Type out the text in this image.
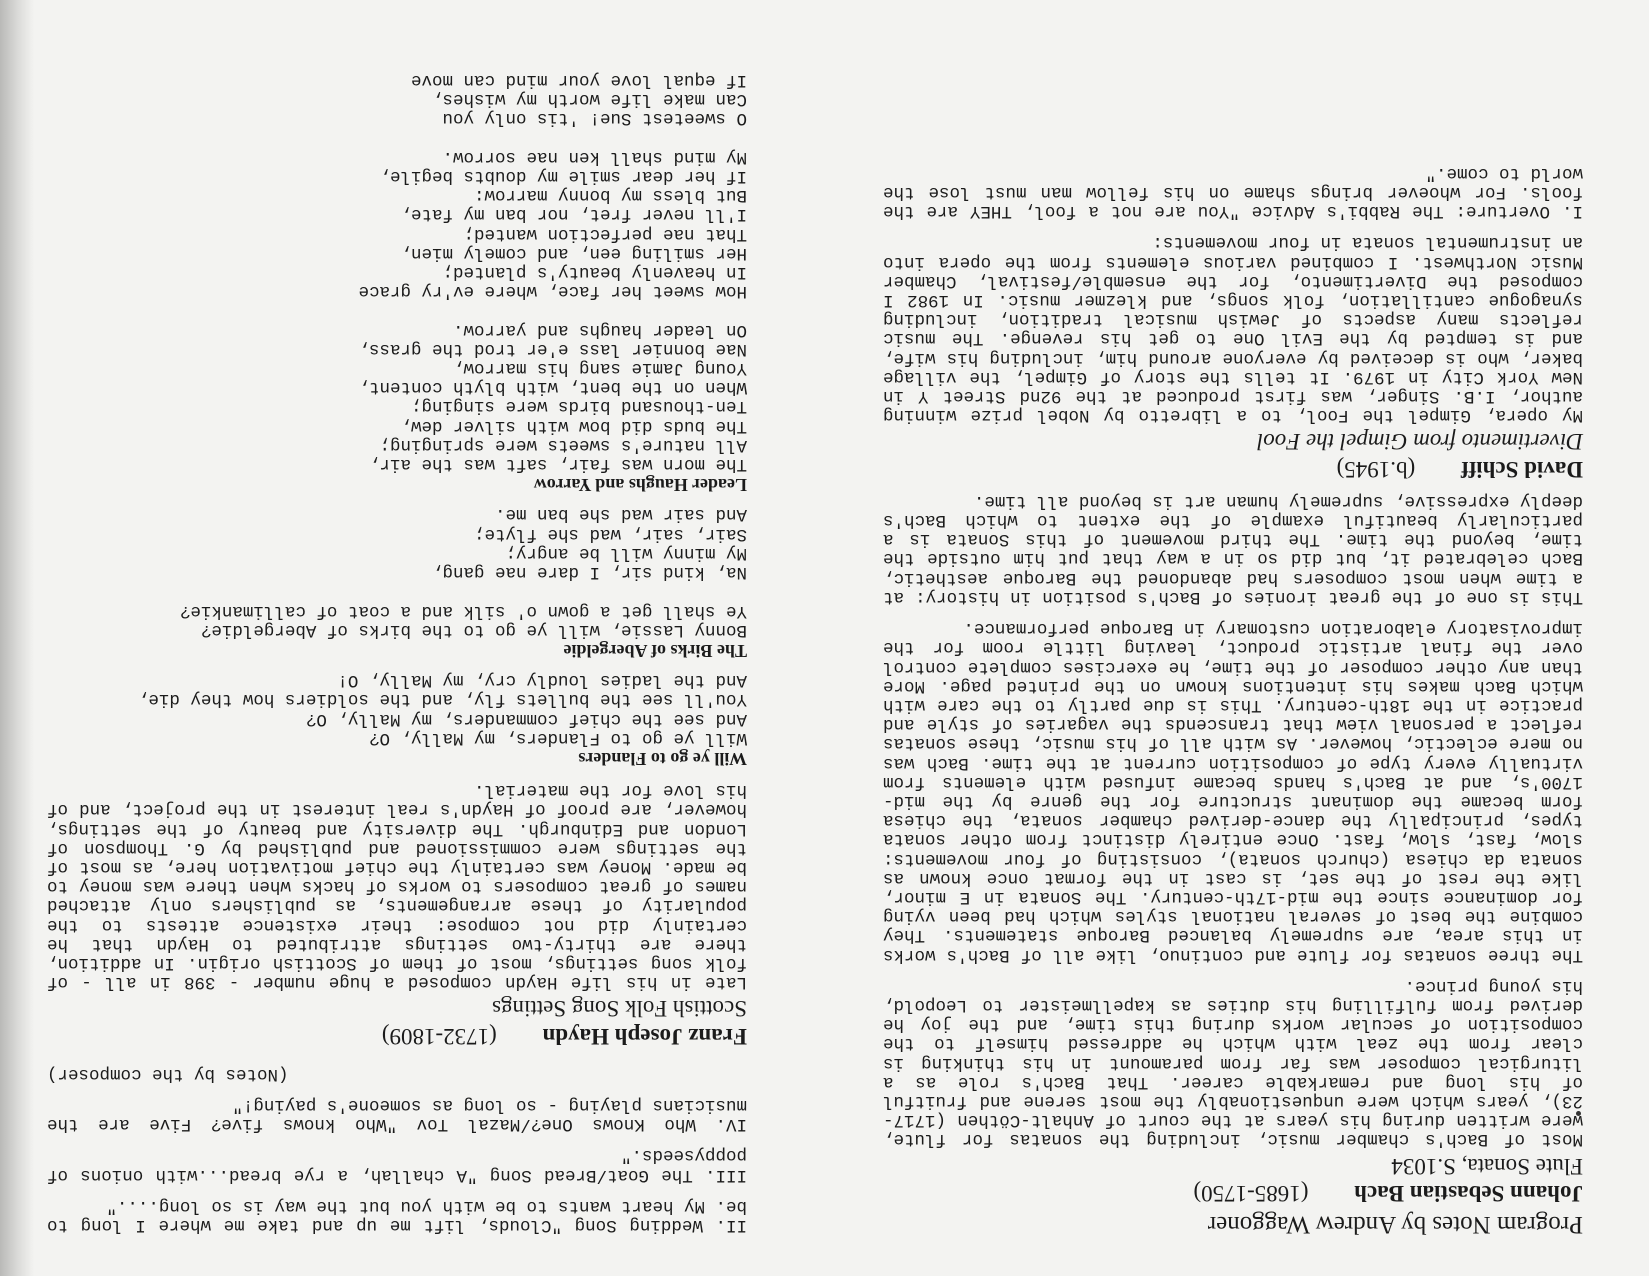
Program Notes by Andrew Waggoner
Johann Sebastian Bach (1685-1750)
Flute Sonata, S.1034

Most of Bach's chamber music, including the sonatas for flute, were written during his years at the court of Anhalt-Cöthen (1717-23), years which were unquestionably the most serene and fruitful of his long and remarkable career. That Bach's role as a liturgical composer was far from paramount in his thinking is clear from the zeal with which he addressed himself to the composition of secular works during this time, and the joy he derived from fulfilling his duties as kapellmeister to Leopold, his young prince.

The three sonatas for flute and continuo, like all of Bach's works in this area, are supremely balanced Baroque statements. They combine the best of several national styles which had been vying for dominance since the mid-17th-century. The Sonata in E minor, like the rest of the set, is cast in the format once known as sonata da chiesa (church sonata), consisting of four movements: slow, fast, slow, fast. Once entirely distinct from other sonata types, principally the dance-derived chamber sonata, the chiesa form became the dominant structure for the genre by the mid-1700's, and at Bach's hands became infused with elements from virtually every type of composition current at the time. Bach was no mere eclectic, however. As with all of his music, these sonatas reflect a personal view that transcends the vagaries of style and practice in the 18th-century. This is due partly to the care with which Bach makes his intentions known on the printed page. More than any other composer of the time, he exercises complete control over the final artistic product, leaving little room for the improvisatory elaboration customary in Baroque performance.

This is one of the great ironies of Bach's position in history: at a time when most composers had abandoned the Baroque aesthetic, Bach celebrated it, but did so in a way that put him outside the time, beyond the time. The third movement of this Sonata is a particularly beautiful example of the extent to which Bach's deeply expressive, supremely human art is beyond all time.

David Schiff (b.1945)
Divertimento from Gimpel the Fool

My opera, Gimpel the Fool, to a libretto by Nobel prize winning author, I.B. Singer, was first produced at the 92nd Street Y in New York City in 1979. It tells the story of Gimpel, the village baker, who is deceived by everyone around him, including his wife, and is tempted by the Evil One to get his revenge. The music reflects many aspects of Jewish musical tradition, including synagogue cantillation, folk songs, and klezmer music. In 1982 I composed the Divertimento, for the ensemble/festival, Chamber Music Northwest. I combined various elements from the opera into an instrumental sonata in four movements:

I. Overture: The Rabbi's Advice "You are not a fool, THEY are the fools. For whoever brings shame on his fellow man must lose the world to come."

II. Wedding Song "Clouds, lift me up and take me where I long to be. My heart wants to be with you but the way is so long...."

III. The Goat/Bread Song "A challah, a rye bread...with onions of poppyseeds."

IV. Who Knows One?/Mazal Tov "Who knows five? Five are the musicians playing - so long as someone's paying!"

(Notes by the composer)
Franz Joseph Haydn (1732-1809)
Scottish Folk Song Settings

Late in his life Haydn composed a huge number - 398 in all - of folk song settings, most of them of Scottish origin. In addition, there are thirty-two settings attributed to Haydn that he certainly did not compose: their existence attests to the popularity of these arrangements, as publishers only attached names of great composers to works of hacks when there was money to be made. Money was certainly the chief motivation here, as most of the settings were commissioned and published by G. Thompson of London and Edinburgh. The diversity and beauty of the settings, however, are proof of Haydn's real interest in the project, and of his love for the material.

Will ye go to Flanders
Will ye go to Flanders, my Mally, O?
And see the chief commanders, my Mally, O?
You'll see the bullets fly, and the soldiers how they die,
And the ladies loudly cry, my Mally, O!
The Birks of Abergeldie
Bonny Lassie, will ye go to the birks of Abergeldie?
Ye shall get a gown o' silk and a coat of callimankie?

Na, kind sir, I dare nae gang,
My minny will be angry;
Sair, sair, wad she flyte;
And sair wad she ban me.
Leader Haughs and Yarrow
The morn was fair, saft was the air,
All nature's sweets were springing;
The buds did bow with silver dew,
Ten-thousand birds were singing;
When on the bent, with blyth content,
Young Jamie sang his marrow,
Nae bonnier lass e'er trod the grass,
On leader haughs and yarrow.

How sweet her face, where ev'ry grace
In heavenly beauty's planted;
Her smiling een, and comely mien,
That nae perfection wanted;
I'll never fret, nor ban my fate,
But bless my bonny marrow:
If her dear smile my doubts begile,
My mind shall ken nae sorrow.

O sweetest Sue! 'tis only you
Can make life worth my wishes,
If equal love your mind can move
